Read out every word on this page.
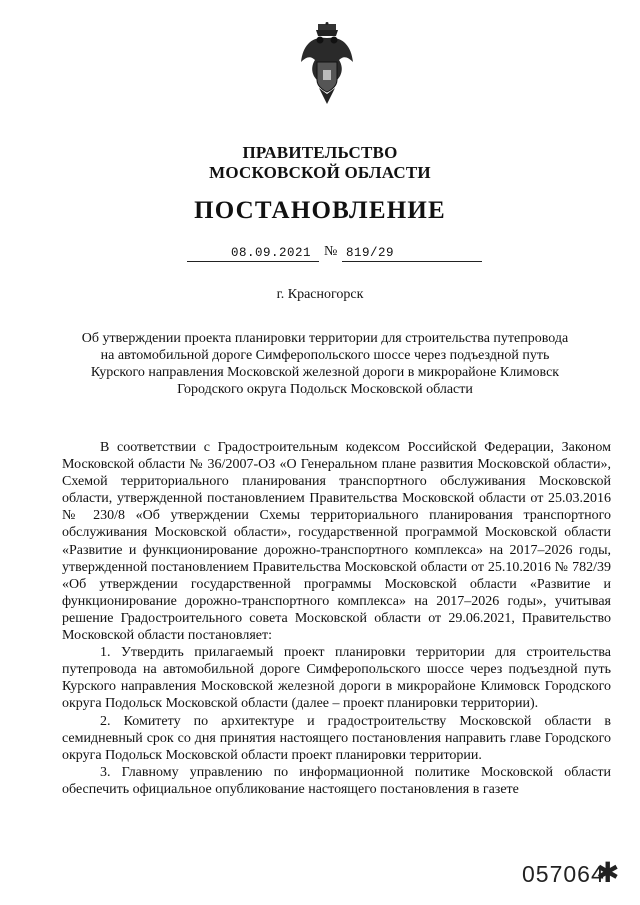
ПРАВИТЕЛЬСТВО
МОСКОВСКОЙ ОБЛАСТИ
ПОСТАНОВЛЕНИЕ
08.09.2021 № 819/29
г. Красногорск
Об утверждении проекта планировки территории для строительства путепровода
на автомобильной дороге Симферопольского шоссе через подъездной путь
Курского направления Московской железной дороги в микрорайоне Климовск
Городского округа Подольск Московской области

В соответствии с Градостроительным кодексом Российской Федерации, Законом Московской области № 36/2007-ОЗ «О Генеральном плане развития Московской области», Схемой территориального планирования транспортного обслуживания Московской области, утвержденной постановлением Правительства Московской области от 25.03.2016 № 230/8 «Об утверждении Схемы территориального планирования транспортного обслуживания Московской области», государственной программой Московской области «Развитие и функционирование дорожно-транспортного комплекса» на 2017–2026 годы, утвержденной постановлением Правительства Московской области от 25.10.2016 № 782/39 «Об утверждении государственной программы Московской области «Развитие и функционирование дорожно-транспортного комплекса» на 2017–2026 годы», учитывая решение Градостроительного совета Московской области от 29.06.2021, Правительство Московской области постановляет:

1. Утвердить прилагаемый проект планировки территории для строительства путепровода на автомобильной дороге Симферопольского шоссе через подъездной путь Курского направления Московской железной дороги в микрорайоне Климовск Городского округа Подольск Московской области (далее – проект планировки территории).

2. Комитету по архитектуре и градостроительству Московской области в семидневный срок со дня принятия настоящего постановления направить главе Городского округа Подольск Московской области проект планировки территории.

3. Главному управлению по информационной политике Московской области обеспечить официальное опубликование настоящего постановления в газете

057064
✱
